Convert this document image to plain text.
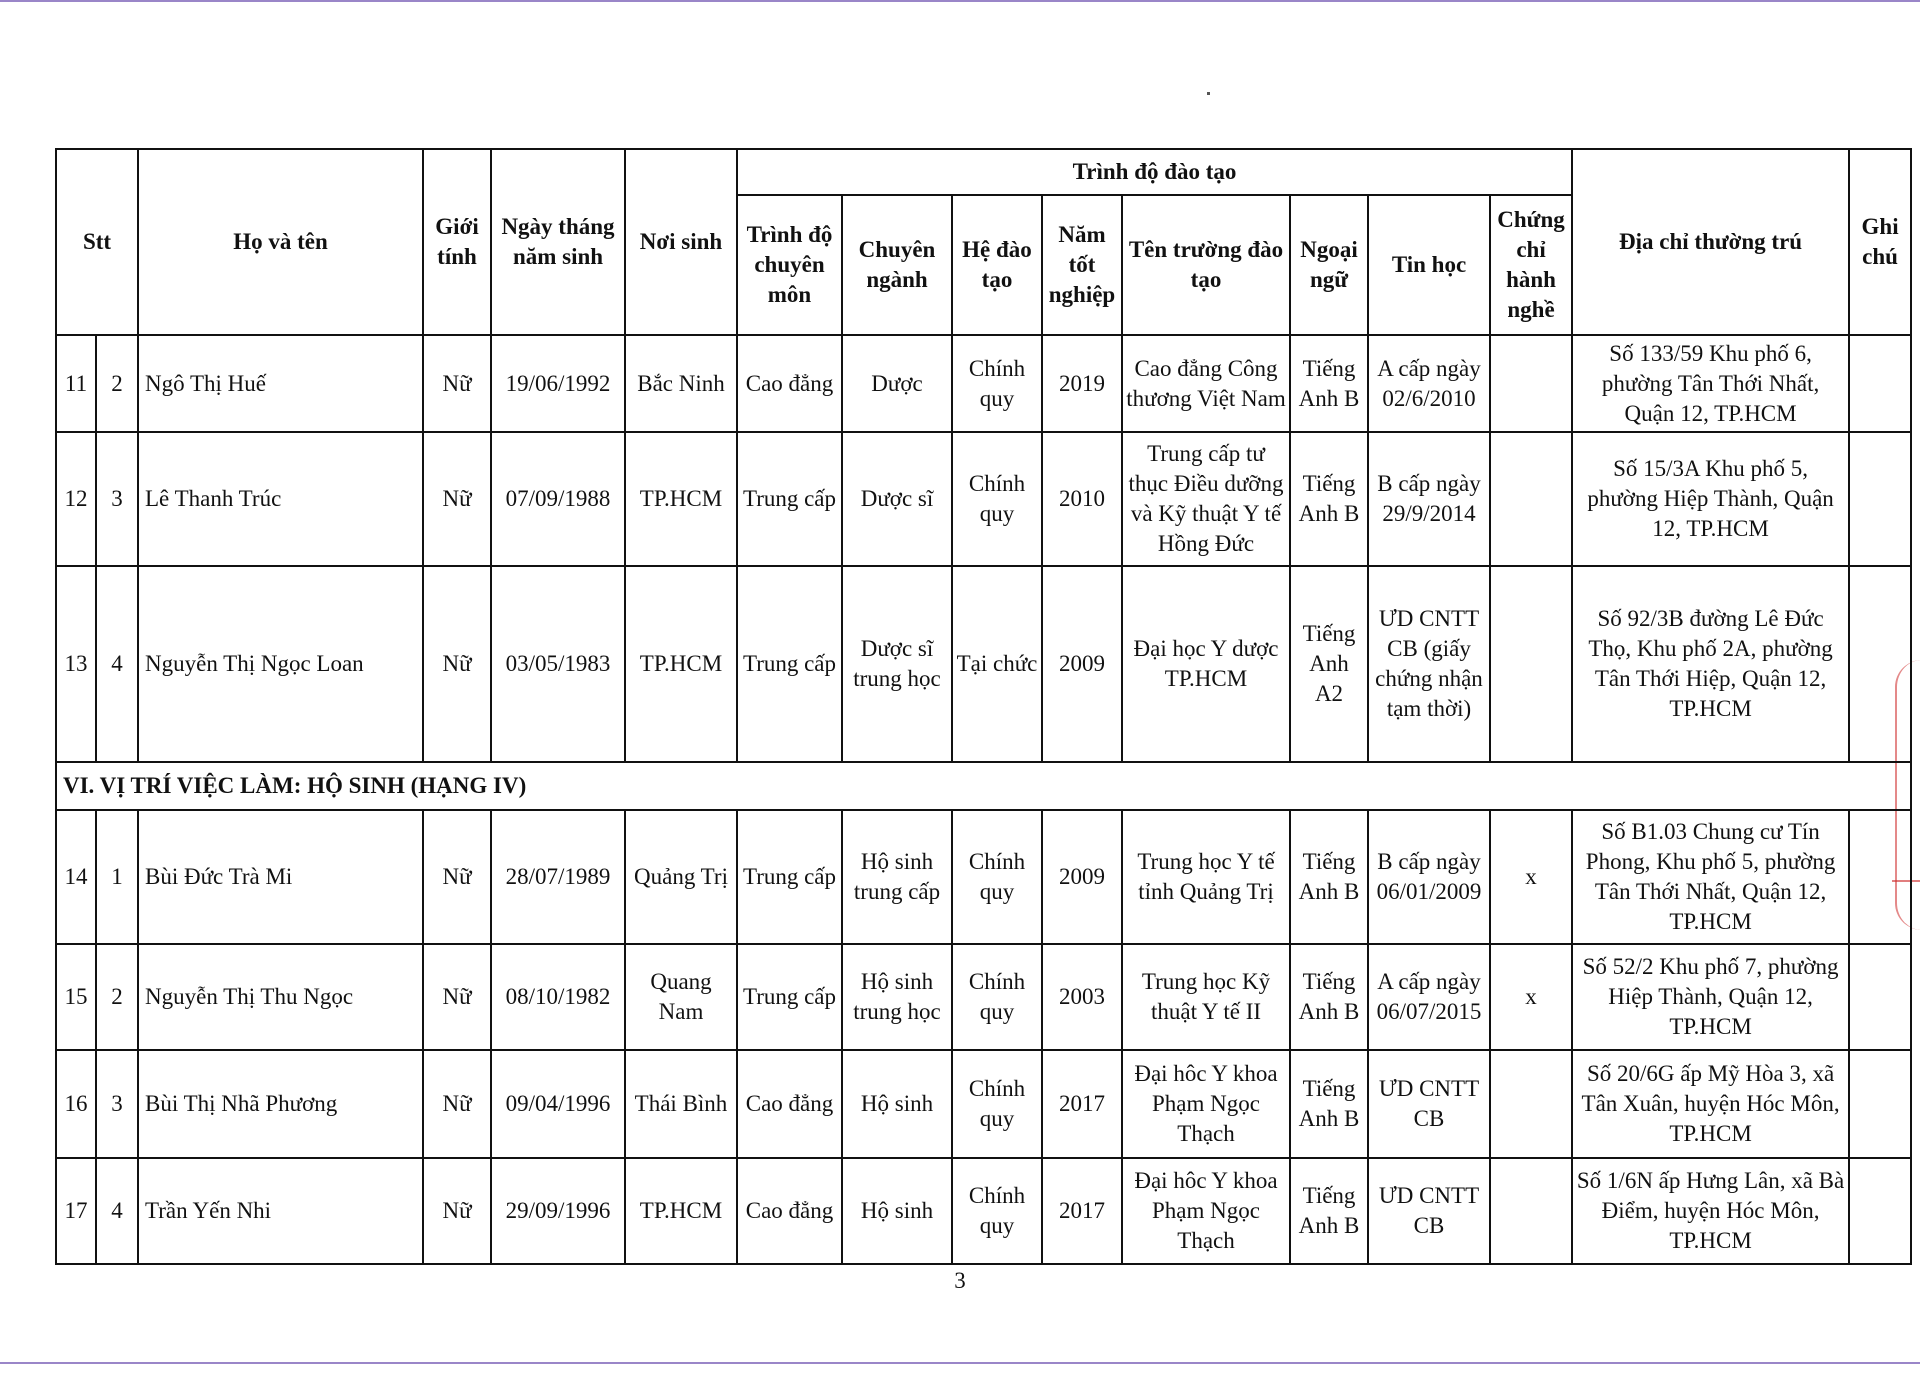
Stt		Họ và tên	Giới tính	Ngày tháng năm sinh	Nơi sinh	Trình độ đào tạo								Địa chỉ thường trú	Ghi chú
						Trình độ chuyên môn	Chuyên ngành	Hệ đào tạo	Năm tốt nghiệp	Tên trường đào tạo	Ngoại ngữ	Tin học	Chứng chỉ hành nghề		
11	2	Ngô Thị Huế	Nữ	19/06/1992	Bắc Ninh	Cao đẳng	Dược	Chính quy	2019	Cao đẳng Công thương Việt Nam	Tiếng Anh B	A cấp ngày 02/6/2010		Số 133/59 Khu phố 6, phường Tân Thới Nhất, Quận 12, TP.HCM	
12	3	Lê Thanh Trúc	Nữ	07/09/1988	TP.HCM	Trung cấp	Dược sĩ	Chính quy	2010	Trung cấp tư thục Điều dưỡng và Kỹ thuật Y tế Hồng Đức	Tiếng Anh B	B cấp ngày 29/9/2014		Số 15/3A Khu phố 5, phường Hiệp Thành, Quận 12, TP.HCM	
13	4	Nguyễn Thị Ngọc Loan	Nữ	03/05/1983	TP.HCM	Trung cấp	Dược sĩ trung học	Tại chức	2009	Đại học Y dược TP.HCM	Tiếng Anh A2	ƯD CNTT CB (giấy chứng nhận tạm thời)		Số 92/3B đường Lê Đức Thọ, Khu phố 2A, phường Tân Thới Hiệp, Quận 12, TP.HCM	
VI. VỊ TRÍ VIỆC LÀM: HỘ SINH (HẠNG IV)															
14	1	Bùi Đức Trà Mi	Nữ	28/07/1989	Quảng Trị	Trung cấp	Hộ sinh trung cấp	Chính quy	2009	Trung học Y tế tỉnh Quảng Trị	Tiếng Anh B	B cấp ngày 06/01/2009	x	Số B1.03 Chung cư Tín Phong, Khu phố 5, phường Tân Thới Nhất, Quận 12, TP.HCM	
15	2	Nguyễn Thị Thu Ngọc	Nữ	08/10/1982	Quang Nam	Trung cấp	Hộ sinh trung học	Chính quy	2003	Trung học Kỹ thuật Y tế II	Tiếng Anh B	A cấp ngày 06/07/2015	x	Số 52/2 Khu phố 7, phường Hiệp Thành, Quận 12, TP.HCM	
16	3	Bùi Thị Nhã Phương	Nữ	09/04/1996	Thái Bình	Cao đẳng	Hộ sinh	Chính quy	2017	Đại hôc Y khoa Phạm Ngọc Thạch	Tiếng Anh B	ƯD CNTT CB		Số 20/6G ấp Mỹ Hòa 3, xã Tân Xuân, huyện Hóc Môn, TP.HCM	
17	4	Trần Yến Nhi	Nữ	29/09/1996	TP.HCM	Cao đẳng	Hộ sinh	Chính quy	2017	Đại hôc Y khoa Phạm Ngọc Thạch	Tiếng Anh B	ƯD CNTT CB		Số 1/6N ấp Hưng Lân, xã Bà Điểm, huyện Hóc Môn, TP.HCM	
3
